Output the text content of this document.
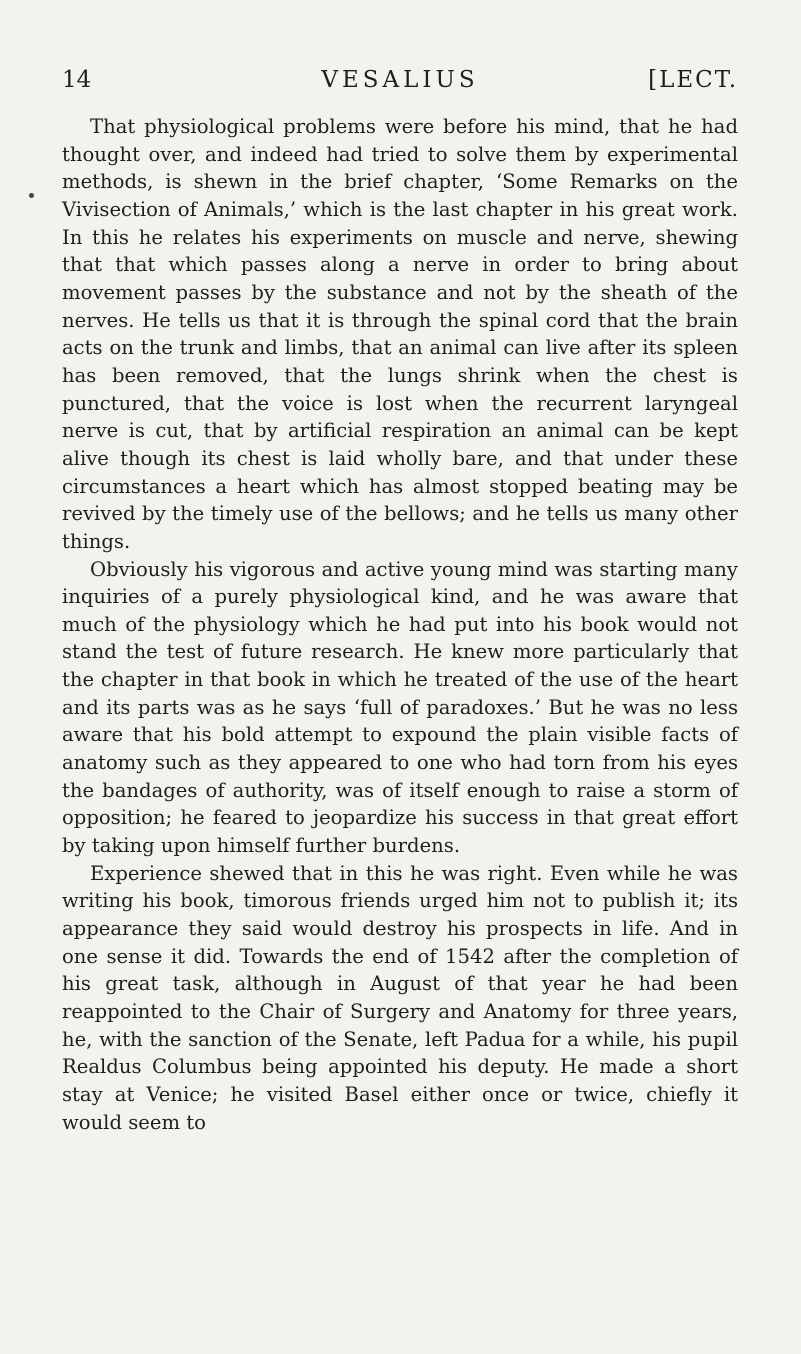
14	VESALIUS	[LECT.

That physiological problems were before his mind, that he had thought over, and indeed had tried to solve them by experimental methods, is shewn in the brief chapter, ‘Some Remarks on the Vivisection of Animals,’ which is the last chapter in his great work. In this he relates his experiments on muscle and nerve, shewing that that which passes along a nerve in order to bring about movement passes by the substance and not by the sheath of the nerves. He tells us that it is through the spinal cord that the brain acts on the trunk and limbs, that an animal can live after its spleen has been removed, that the lungs shrink when the chest is punctured, that the voice is lost when the recurrent laryngeal nerve is cut, that by artificial respiration an animal can be kept alive though its chest is laid wholly bare, and that under these circumstances a heart which has almost stopped beating may be revived by the timely use of the bellows; and he tells us many other things.

Obviously his vigorous and active young mind was starting many inquiries of a purely physiological kind, and he was aware that much of the physiology which he had put into his book would not stand the test of future research. He knew more particularly that the chapter in that book in which he treated of the use of the heart and its parts was as he says ‘full of paradoxes.’ But he was no less aware that his bold attempt to expound the plain visible facts of anatomy such as they appeared to one who had torn from his eyes the bandages of authority, was of itself enough to raise a storm of opposition; he feared to jeopardize his success in that great effort by taking upon himself further burdens.

Experience shewed that in this he was right. Even while he was writing his book, timorous friends urged him not to publish it; its appearance they said would destroy his prospects in life. And in one sense it did. Towards the end of 1542 after the completion of his great task, although in August of that year he had been reappointed to the Chair of Surgery and Anatomy for three years, he, with the sanction of the Senate, left Padua for a while, his pupil Realdus Columbus being appointed his deputy. He made a short stay at Venice; he visited Basel either once or twice, chiefly it would seem to
